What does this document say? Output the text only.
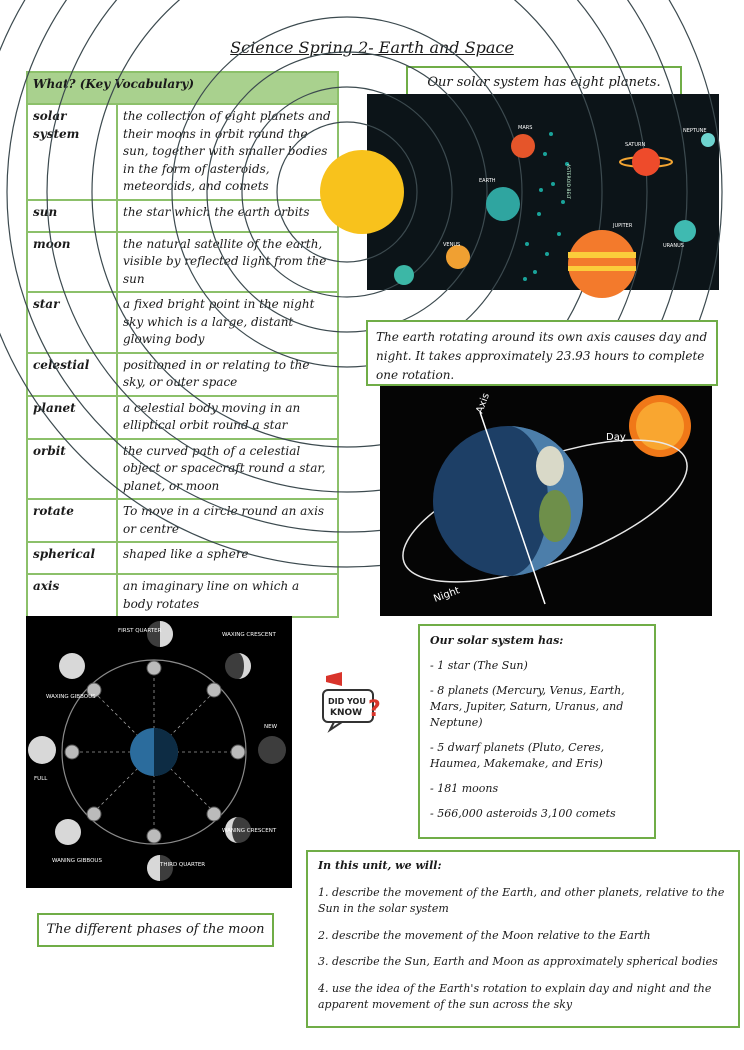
Science Spring 2- Earth and Space
What? (Key Vocabulary)	
solar system	the collection of eight planets and their moons in orbit round the sun, together with smaller bodies in the form of asteroids, meteoroids, and comets
sun	the star which the earth orbits
moon	the natural satellite of the earth, visible by reflected light from the sun
star	a fixed bright point in the night sky which is a large, distant glowing body
celestial	positioned in or relating to the sky, or outer space
planet	a celestial body moving in an elliptical orbit round a star
orbit	the curved path of a celestial object or spacecraft round a star, planet, or moon
rotate	To move in a circle round an axis or centre
spherical	shaped like a sphere
axis	an imaginary line on which a body rotates
Our solar system has eight planets.
MERCURY
VENUS
EARTH
MARS
ASTEROID BELT
JUPITER
SATURN
URANUS
NEPTUNE
The earth rotating around its own axis causes day and night. It takes approximately 23.93 hours to complete one rotation.
Axis
Day
Night
FIRST QUARTER
WAXING CRESCENT
WAXING GIBBOUS
NEW
FULL
WANING CRESCENT
WANING GIBBOUS
THIRD QUARTER
DID YOU
KNOW ?

Our solar system has:

- 1 star (The Sun)

- 8 planets (Mercury, Venus, Earth, Mars, Jupiter, Saturn, Uranus, and Neptune)

- 5 dwarf planets (Pluto, Ceres, Haumea, Makemake, and Eris)

- 181 moons

- 566,000 asteroids 3,100 comets

The different phases of the moon

In this unit, we will:

1. describe the movement of the Earth, and other planets, relative to the Sun in the solar system

2. describe the movement of the Moon relative to the Earth

3. describe the Sun, Earth and Moon as approximately spherical bodies

4. use the idea of the Earth's rotation to explain day and night and the apparent movement of the sun across the sky
